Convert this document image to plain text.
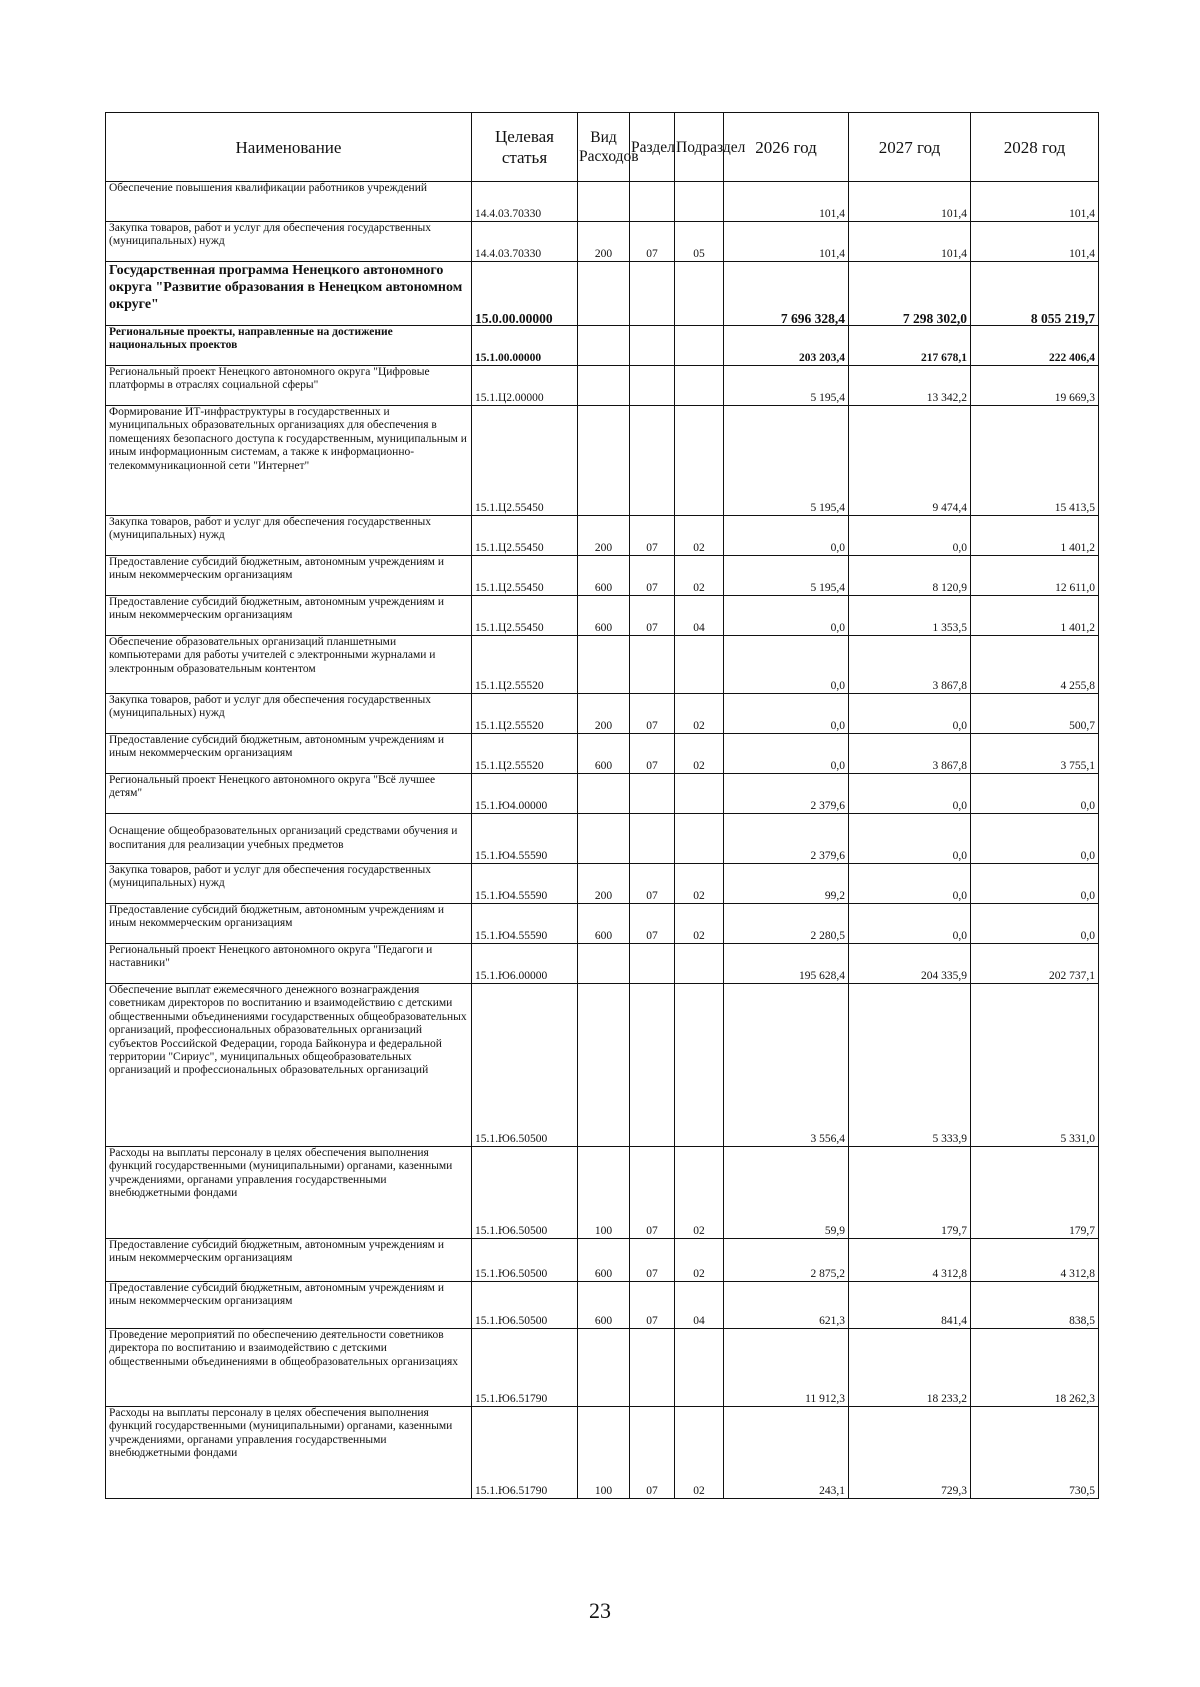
Наименование	Целевая статья	Вид Расходов	Раздел	Подраздел	2026 год	2027 год	2028 год
Обеспечение повышения квалификации работников учреждений	14.4.03.70330				101,4	101,4	101,4
Закупка товаров, работ и услуг для обеспечения государственных (муниципальных) нужд	14.4.03.70330	200	07	05	101,4	101,4	101,4
Государственная программа Ненецкого автономного округа "Развитие образования в Ненецком автономном округе"	15.0.00.00000				7 696 328,4	7 298 302,0	8 055 219,7
Региональные проекты, направленные на достижение национальных проектов	15.1.00.00000				203 203,4	217 678,1	222 406,4
Региональный проект Ненецкого автономного округа "Цифровые платформы в отраслях социальной сферы"	15.1.Ц2.00000				5 195,4	13 342,2	19 669,3
Формирование ИТ-инфраструктуры в государственных и муниципальных образовательных организациях для обеспечения в помещениях безопасного доступа к государственным, муниципальным и иным информационным системам, а также к информационно-телекоммуникационной сети "Интернет"	15.1.Ц2.55450				5 195,4	9 474,4	15 413,5
Закупка товаров, работ и услуг для обеспечения государственных (муниципальных) нужд	15.1.Ц2.55450	200	07	02	0,0	0,0	1 401,2
Предоставление субсидий бюджетным, автономным учреждениям и иным некоммерческим организациям	15.1.Ц2.55450	600	07	02	5 195,4	8 120,9	12 611,0
Предоставление субсидий бюджетным, автономным учреждениям и иным некоммерческим организациям	15.1.Ц2.55450	600	07	04	0,0	1 353,5	1 401,2
Обеспечение образовательных организаций планшетными компьютерами для работы учителей с электронными журналами и электронным образовательным контентом	15.1.Ц2.55520				0,0	3 867,8	4 255,8
Закупка товаров, работ и услуг для обеспечения государственных (муниципальных) нужд	15.1.Ц2.55520	200	07	02	0,0	0,0	500,7
Предоставление субсидий бюджетным, автономным учреждениям и иным некоммерческим организациям	15.1.Ц2.55520	600	07	02	0,0	3 867,8	3 755,1
Региональный проект Ненецкого автономного округа "Всё лучшее детям"	15.1.Ю4.00000				2 379,6	0,0	0,0
Оснащение общеобразовательных организаций средствами обучения и воспитания для реализации учебных предметов	15.1.Ю4.55590				2 379,6	0,0	0,0
Закупка товаров, работ и услуг для обеспечения государственных (муниципальных) нужд	15.1.Ю4.55590	200	07	02	99,2	0,0	0,0
Предоставление субсидий бюджетным, автономным учреждениям и иным некоммерческим организациям	15.1.Ю4.55590	600	07	02	2 280,5	0,0	0,0
Региональный проект Ненецкого автономного округа "Педагоги и наставники"	15.1.Ю6.00000				195 628,4	204 335,9	202 737,1
Обеспечение выплат ежемесячного денежного вознаграждения советникам директоров по воспитанию и взаимодействию с детскими общественными объединениями государственных общеобразовательных организаций, профессиональных образовательных организаций субъектов Российской Федерации, города Байконура и федеральной территории "Сириус", муниципальных общеобразовательных организаций и профессиональных образовательных организаций	15.1.Ю6.50500				3 556,4	5 333,9	5 331,0
Расходы на выплаты персоналу в целях обеспечения выполнения функций государственными (муниципальными) органами, казенными учреждениями, органами управления государственными внебюджетными фондами	15.1.Ю6.50500	100	07	02	59,9	179,7	179,7
Предоставление субсидий бюджетным, автономным учреждениям и иным некоммерческим организациям	15.1.Ю6.50500	600	07	02	2 875,2	4 312,8	4 312,8
Предоставление субсидий бюджетным, автономным учреждениям и иным некоммерческим организациям	15.1.Ю6.50500	600	07	04	621,3	841,4	838,5
Проведение мероприятий по обеспечению деятельности советников директора по воспитанию и взаимодействию с детскими общественными объединениями в общеобразовательных организациях	15.1.Ю6.51790				11 912,3	18 233,2	18 262,3
Расходы на выплаты персоналу в целях обеспечения выполнения функций государственными (муниципальными) органами, казенными учреждениями, органами управления государственными внебюджетными фондами	15.1.Ю6.51790	100	07	02	243,1	729,3	730,5
23
